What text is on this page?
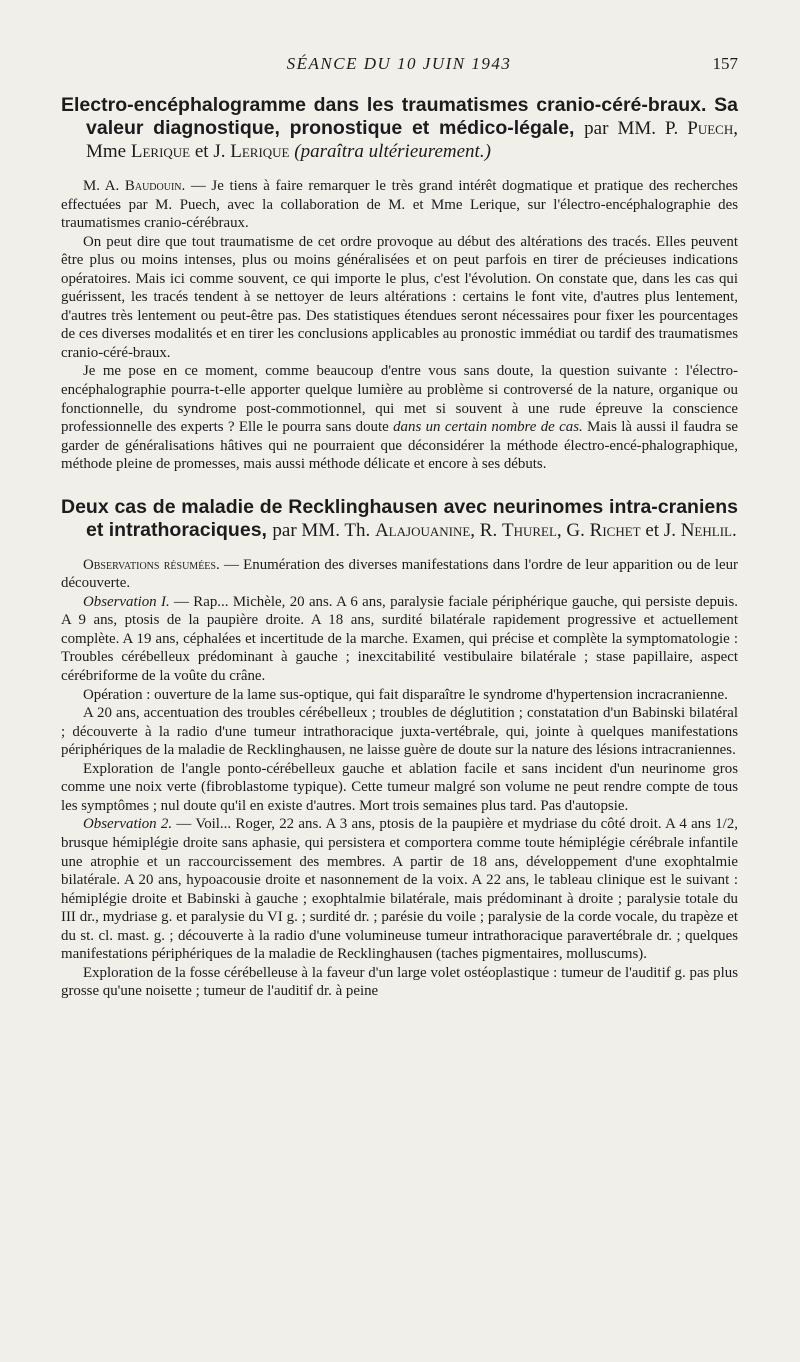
SÉANCE DU 10 JUIN 1943	157

Electro-encéphalogramme dans les traumatismes cranio-céré-braux. Sa valeur diagnostique, pronostique et médico-légale, par MM. P. Puech, Mme Lerique et J. Lerique (paraîtra ultérieurement.)

M. A. Baudouin. — Je tiens à faire remarquer le très grand intérêt dogmatique et pratique des recherches effectuées par M. Puech, avec la collaboration de M. et Mme Lerique, sur l'électro-encéphalographie des traumatismes cranio-cérébraux.

On peut dire que tout traumatisme de cet ordre provoque au début des altérations des tracés. Elles peuvent être plus ou moins intenses, plus ou moins généralisées et on peut parfois en tirer de précieuses indications opératoires. Mais ici comme souvent, ce qui importe le plus, c'est l'évolution. On constate que, dans les cas qui guérissent, les tracés tendent à se nettoyer de leurs altérations : certains le font vite, d'autres plus lentement, d'autres très lentement ou peut-être pas. Des statistiques étendues seront nécessaires pour fixer les pourcentages de ces diverses modalités et en tirer les conclusions applicables au pronostic immédiat ou tardif des traumatismes cranio-céré-braux.

Je me pose en ce moment, comme beaucoup d'entre vous sans doute, la question suivante : l'électro-encéphalographie pourra-t-elle apporter quelque lumière au problème si controversé de la nature, organique ou fonctionnelle, du syndrome post-commotionnel, qui met si souvent à une rude épreuve la conscience professionnelle des experts ? Elle le pourra sans doute dans un certain nombre de cas. Mais là aussi il faudra se garder de généralisations hâtives qui ne pourraient que déconsidérer la méthode électro-encé-phalographique, méthode pleine de promesses, mais aussi méthode délicate et encore à ses débuts.

Deux cas de maladie de Recklinghausen avec neurinomes intra-craniens et intrathoraciques, par MM. Th. Alajouanine, R. Thurel, G. Richet et J. Nehlil.

Observations résumées. — Enumération des diverses manifestations dans l'ordre de leur apparition ou de leur découverte.

Observation I. — Rap... Michèle, 20 ans. A 6 ans, paralysie faciale périphérique gauche, qui persiste depuis. A 9 ans, ptosis de la paupière droite. A 18 ans, surdité bilatérale rapidement progressive et actuellement complète. A 19 ans, céphalées et incertitude de la marche. Examen, qui précise et complète la symptomatologie : Troubles cérébelleux prédominant à gauche ; inexcitabilité vestibulaire bilatérale ; stase papillaire, aspect cérébriforme de la voûte du crâne.

Opération : ouverture de la lame sus-optique, qui fait disparaître le syndrome d'hypertension incracranienne.

A 20 ans, accentuation des troubles cérébelleux ; troubles de déglutition ; constatation d'un Babinski bilatéral ; découverte à la radio d'une tumeur intrathoracique juxta-vertébrale, qui, jointe à quelques manifestations périphériques de la maladie de Recklinghausen, ne laisse guère de doute sur la nature des lésions intracraniennes.

Exploration de l'angle ponto-cérébelleux gauche et ablation facile et sans incident d'un neurinome gros comme une noix verte (fibroblastome typique). Cette tumeur malgré son volume ne peut rendre compte de tous les symptômes ; nul doute qu'il en existe d'autres. Mort trois semaines plus tard. Pas d'autopsie.

Observation 2. — Voil... Roger, 22 ans. A 3 ans, ptosis de la paupière et mydriase du côté droit. A 4 ans 1/2, brusque hémiplégie droite sans aphasie, qui persistera et comportera comme toute hémiplégie cérébrale infantile une atrophie et un raccourcissement des membres. A partir de 18 ans, développement d'une exophtalmie bilatérale. A 20 ans, hypoacousie droite et nasonnement de la voix. A 22 ans, le tableau clinique est le suivant : hémiplégie droite et Babinski à gauche ; exophtalmie bilatérale, mais prédominant à droite ; paralysie totale du III dr., mydriase g. et paralysie du VI g. ; surdité dr. ; parésie du voile ; paralysie de la corde vocale, du trapèze et du st. cl. mast. g. ; découverte à la radio d'une volumineuse tumeur intrathoracique paravertébrale dr. ; quelques manifestations périphériques de la maladie de Recklinghausen (taches pigmentaires, molluscums).

Exploration de la fosse cérébelleuse à la faveur d'un large volet ostéoplastique : tumeur de l'auditif g. pas plus grosse qu'une noisette ; tumeur de l'auditif dr. à peine
